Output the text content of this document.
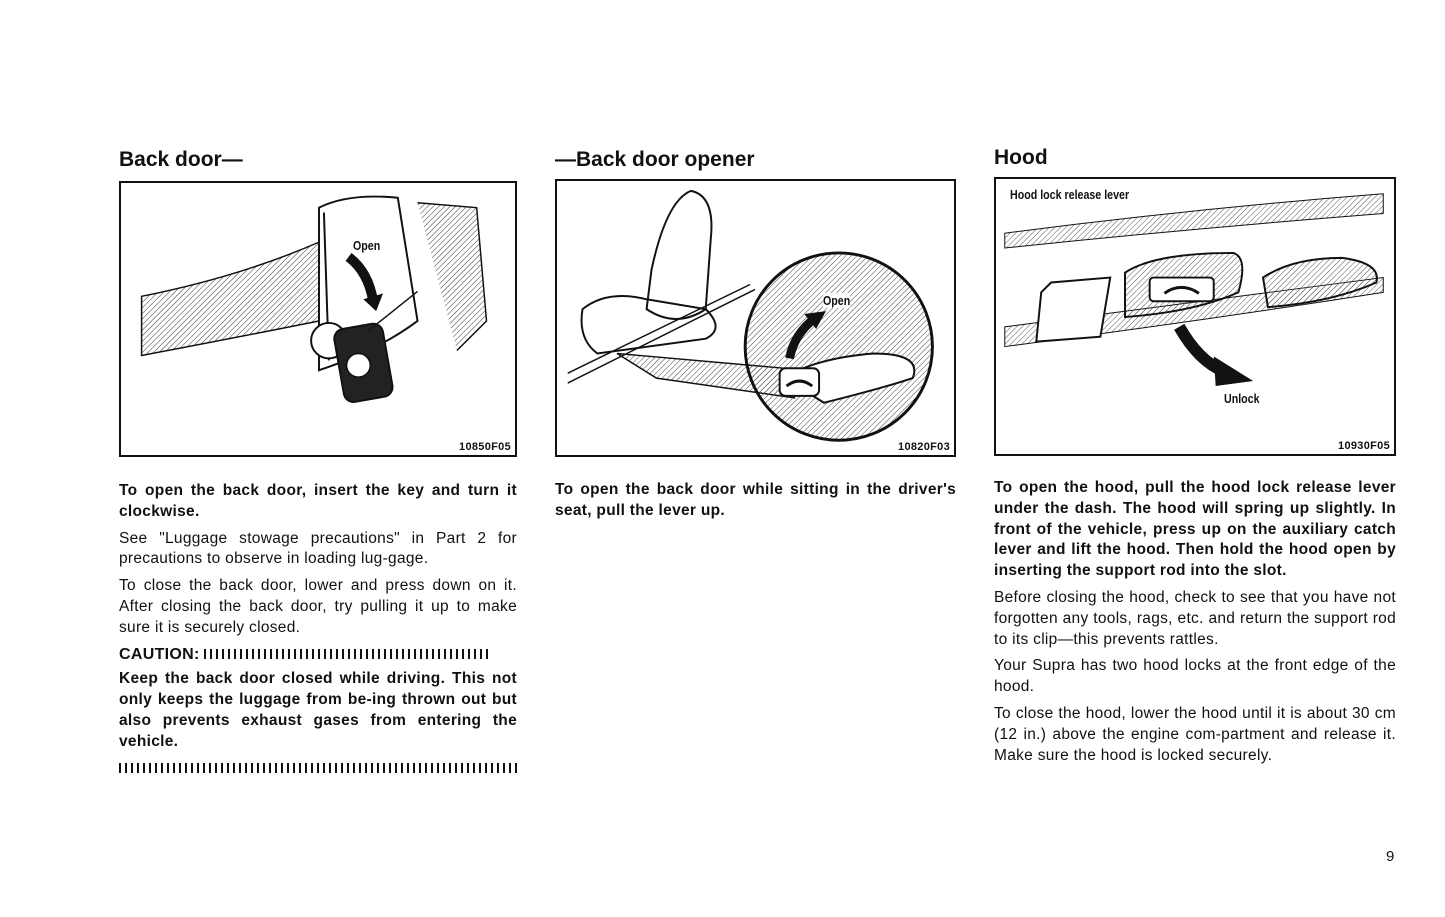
Back door—
Open
10850F05

To open the back door, insert the key and turn it clockwise.

See "Luggage stowage precautions" in Part 2 for precautions to observe in loading lug-gage.

To close the back door, lower and press down on it. After closing the back door, try pulling it up to make sure it is securely closed.

CAUTION:

Keep the back door closed while driving. This not only keeps the luggage from be-ing thrown out but also prevents exhaust gases from entering the vehicle.

—Back door opener
Open
10820F03

To open the back door while sitting in the driver's seat, pull the lever up.

Hood
Hood lock release lever
Unlock
10930F05

To open the hood, pull the hood lock release lever under the dash. The hood will spring up slightly. In front of the vehicle, press up on the auxiliary catch lever and lift the hood. Then hold the hood open by inserting the support rod into the slot.

Before closing the hood, check to see that you have not forgotten any tools, rags, etc. and return the support rod to its clip—this prevents rattles.

Your Supra has two hood locks at the front edge of the hood.

To close the hood, lower the hood until it is about 30 cm (12 in.) above the engine com-partment and release it. Make sure the hood is locked securely.

9
